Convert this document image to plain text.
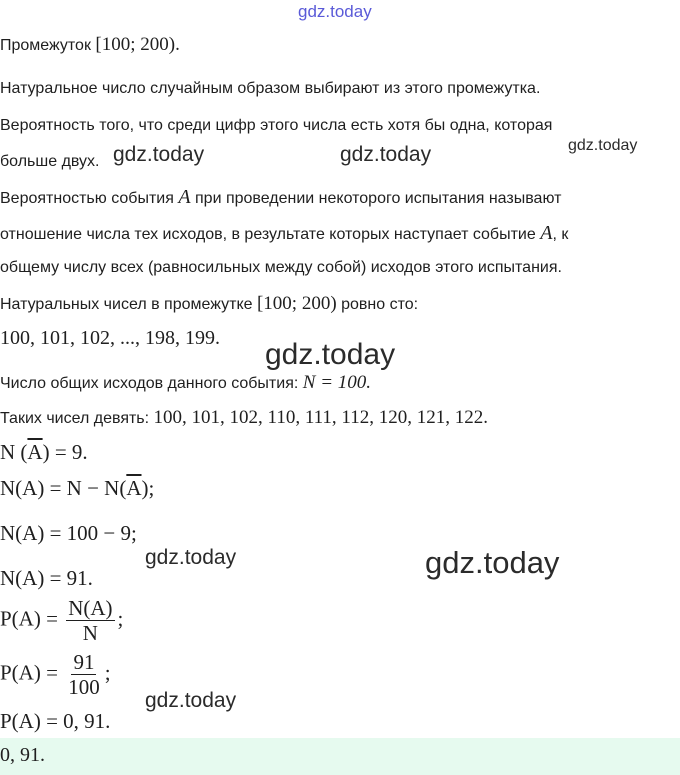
gdz.today
gdz.today	gdz.today	gdz.today
gdz.today
gdz.today	gdz.today
gdz.today
Промежуток [100; 200).
Натуральное число случайным образом выбирают из этого промежутка.
Вероятность того, что среди цифр этого числа есть хотя бы одна, которая
больше двух.
Вероятностью события A при проведении некоторого испытания называют
отношение числа тех исходов, в результате которых наступает событие A, к
общему числу всех (равносильных между собой) исходов этого испытания.
Натуральных чисел в промежутке [100; 200) ровно сто:
100, 101, 102, ..., 198, 199.
Число общих исходов данного события: N = 100.
Таких чисел девять: 100, 101, 102, 110, 111, 112, 120, 121, 122.
N $(\overline{A}) = 9$.
$N(A) = N - N(\overline{A})$;
N(A) = 100 − 9;
N(A) = 91.
$P(A) = \frac{N(A)}{N}$ ;
$P(A) = \frac{91}{100}$ ;
P(A) = 0, 91.
0, 91.
